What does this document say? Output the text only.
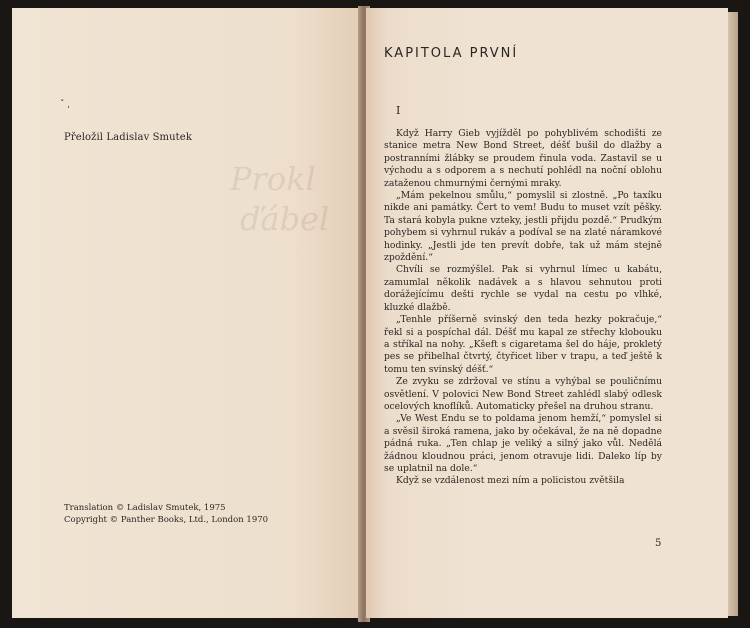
Prokl
ďábel
ˇ ˌ
Přeložil Ladislav Smutek
Translation © Ladislav Smutek, 1975
Copyright © Panther Books, Ltd., London 1970
KAPITOLA PRVNÍ
I

Když Harry Gieb vyjížděl po pohyblivém schodišti ze stanice metra New Bond Street, déšť bušil do dlažby a postranními žlábky se proudem řinula voda. Zastavil se u východu a s odporem a s nechutí pohlédl na noční oblohu zataženou chmurnými černými mraky.

„Mám pekelnou smůlu,“ pomyslil si zlostně. „Po taxíku nikde ani památky. Čert to vem! Budu to muset vzít pěšky. Ta stará kobyla pukne vzteky, jestli přijdu pozdě.“ Prudkým pohybem si vyhrnul rukáv a podíval se na zlaté náramkové hodinky. „Jestli jde ten prevít dobře, tak už mám stejně zpoždění.“

Chvíli se rozmýšlel. Pak si vyhrnul límec u kabátu, zamumlal několik nadávek a s hlavou sehnutou proti dorážejícímu dešti rychle se vydal na cestu po vlhké, kluzké dlažbě.

„Tenhle příšerně svinský den teda hezky pokračuje,“ řekl si a pospíchal dál. Déšť mu kapal ze střechy klobouku a stříkal na nohy. „Kšeft s cigaretama šel do háje, prokletý pes se přibelhal čtvrtý, čtyřicet liber v trapu, a teď ještě k tomu ten svinský déšť.“

Ze zvyku se zdržoval ve stínu a vyhýbal se pouličnímu osvětlení. V polovici New Bond Street zahlédl slabý odlesk ocelových knoflíků. Automaticky přešel na druhou stranu.

„Ve West Endu se to poldama jenom hemží,“ pomyslel si a svěsil široká ramena, jako by očekával, že na ně dopadne pádná ruka. „Ten chlap je veliký a silný jako vůl. Nedělá žádnou kloudnou práci, jenom otravuje lidi. Daleko líp by se uplatnil na dole.“

Když se vzdálenost mezi ním a policistou zvětšila

5
